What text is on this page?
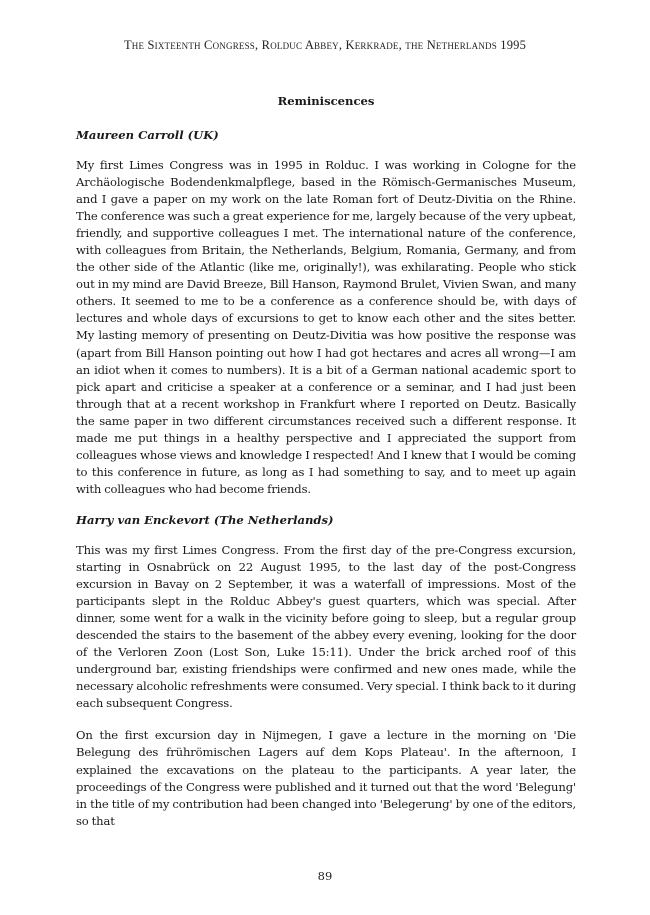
The Sixteenth Congress, Rolduc Abbey, Kerkrade, the Netherlands 1995
Reminiscences
Maureen Carroll (UK)

My first Limes Congress was in 1995 in Rolduc. I was working in Cologne for the Archäologische Bodendenkmalpflege, based in the Römisch-Germanisches Museum, and I gave a paper on my work on the late Roman fort of Deutz-Divitia on the Rhine. The conference was such a great experience for me, largely because of the very upbeat, friendly, and supportive colleagues I met. The international nature of the conference, with colleagues from Britain, the Netherlands, Belgium, Romania, Germany, and from the other side of the Atlantic (like me, originally!), was exhilarating. People who stick out in my mind are David Breeze, Bill Hanson, Raymond Brulet, Vivien Swan, and many others. It seemed to me to be a conference as a conference should be, with days of lectures and whole days of excursions to get to know each other and the sites better. My lasting memory of presenting on Deutz-Divitia was how positive the response was (apart from Bill Hanson pointing out how I had got hectares and acres all wrong—I am an idiot when it comes to numbers). It is a bit of a German national academic sport to pick apart and criticise a speaker at a conference or a seminar, and I had just been through that at a recent workshop in Frankfurt where I reported on Deutz. Basically the same paper in two different circumstances received such a different response. It made me put things in a healthy perspective and I appreciated the support from colleagues whose views and knowledge I respected! And I knew that I would be coming to this conference in future, as long as I had something to say, and to meet up again with colleagues who had become friends.

Harry van Enckevort (The Netherlands)

This was my first Limes Congress. From the first day of the pre-Congress excursion, starting in Osnabrück on 22 August 1995, to the last day of the post-Congress excursion in Bavay on 2 September, it was a waterfall of impressions. Most of the participants slept in the Rolduc Abbey's guest quarters, which was special. After dinner, some went for a walk in the vicinity before going to sleep, but a regular group descended the stairs to the basement of the abbey every evening, looking for the door of the Verloren Zoon (Lost Son, Luke 15:11). Under the brick arched roof of this underground bar, existing friendships were confirmed and new ones made, while the necessary alcoholic refreshments were consumed. Very special. I think back to it during each subsequent Congress.

On the first excursion day in Nijmegen, I gave a lecture in the morning on 'Die Belegung des frührömischen Lagers auf dem Kops Plateau'. In the afternoon, I explained the excavations on the plateau to the participants. A year later, the proceedings of the Congress were published and it turned out that the word 'Belegung' in the title of my contribution had been changed into 'Belegerung' by one of the editors, so that

89
